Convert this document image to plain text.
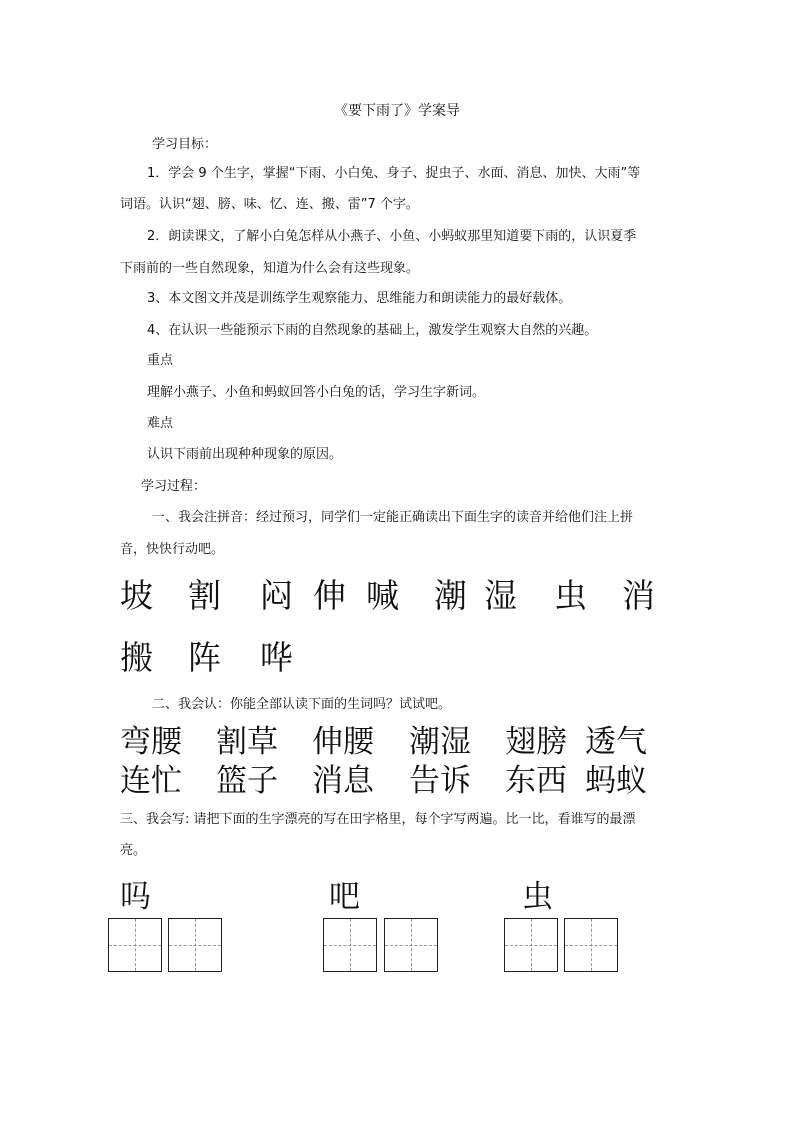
《要下雨了》学案导
学习目标：
1．学会 9 个生字，掌握“下雨、小白兔、身子、捉虫子、水面、消息、加快、大雨”等
词语。认识“翅、膀、味、忆、连、搬、雷”7 个字。
2．朗读课文，了解小白兔怎样从小燕子、小鱼、小蚂蚁那里知道要下雨的，认识夏季
下雨前的一些自然现象，知道为什么会有这些现象。
3、本文图文并茂是训练学生观察能力、思维能力和朗读能力的最好载体。
4、在认识一些能预示下雨的自然现象的基础上，激发学生观察大自然的兴趣。
重点
理解小燕子、小鱼和蚂蚁回答小白兔的话，学习生字新词。
难点
认识下雨前出现种种现象的原因。
学习过程：
一、我会注拼音：经过预习，同学们一定能正确读出下面生字的读音并给他们注上拼
音，快快行动吧。
坡 割 闷 伸 喊 潮 湿 虫 消
搬 阵 哗
二、我会认：你能全部认读下面的生词吗？试试吧。
弯腰 割草 伸腰 潮湿 翅膀 透气
连忙 篮子 消息 告诉 东西 蚂蚁
三、我会写: 请把下面的生字漂亮的写在田字格里，每个字写两遍。比一比，看谁写的最漂
亮。
吗	吧	虫
